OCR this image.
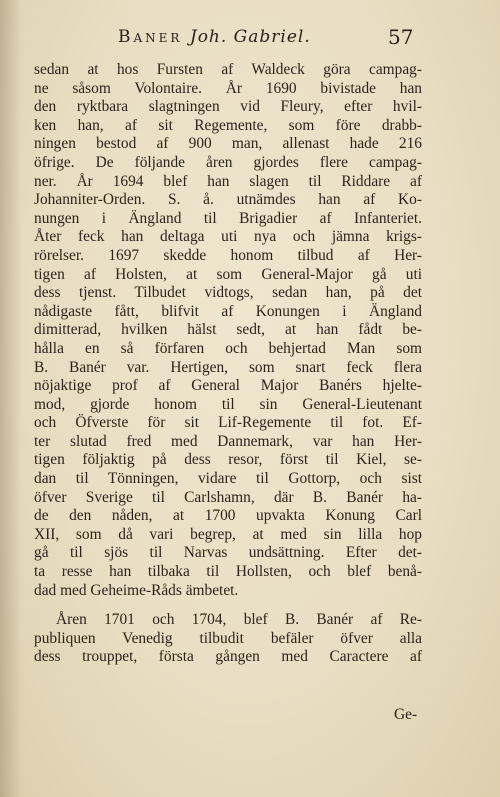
Baner Joh. Gabriel.	57
sedan at hos Fursten af Waldeck göra campag-
ne såsom Volontaire. År 1690 bivistade han
den ryktbara slagtningen vid Fleury, efter hvil-
ken han, af sit Regemente, som före drabb-
ningen bestod af 900 man, allenast hade 216
öfrige. De följande åren gjordes flere campag-
ner. År 1694 blef han slagen til Riddare af
Johanniter-Orden. S. å. utnämdes han af Ko-
nungen i Ängland til Brigadier af Infanteriet.
Åter feck han deltaga uti nya och jämna krigs-
rörelser. 1697 skedde honom tilbud af Her-
tigen af Holsten, at som General-Major gå uti
dess tjenst. Tilbudet vidtogs, sedan han, på det
nådigaste fått, blifvit af Konungen i Ängland
dimitterad, hvilken hälst sedt, at han fådt be-
hålla en så förfaren och behjertad Man som
B. Banér var. Hertigen, som snart feck flera
nöjaktige prof af General Major Banérs hjelte-
mod, gjorde honom til sin General-Lieutenant
och Öfverste för sit Lif-Regemente til fot. Ef-
ter slutad fred med Dannemark, var han Her-
tigen följaktig på dess resor, först til Kiel, se-
dan til Tönningen, vidare til Gottorp, och sist
öfver Sverige til Carlshamn, där B. Banér ha-
de den nåden, at 1700 upvakta Konung Carl
XII, som då vari begrep, at med sin lilla hop
gå til sjös til Narvas undsättning. Efter det-
ta resse han tilbaka til Hollsten, och blef benå-
dad med Geheime-Råds ämbetet.
Åren 1701 och 1704, blef B. Banér af Re-
publiquen Venedig tilbudit befäler öfver alla
dess trouppet, första gången med Caractere af
Ge-
